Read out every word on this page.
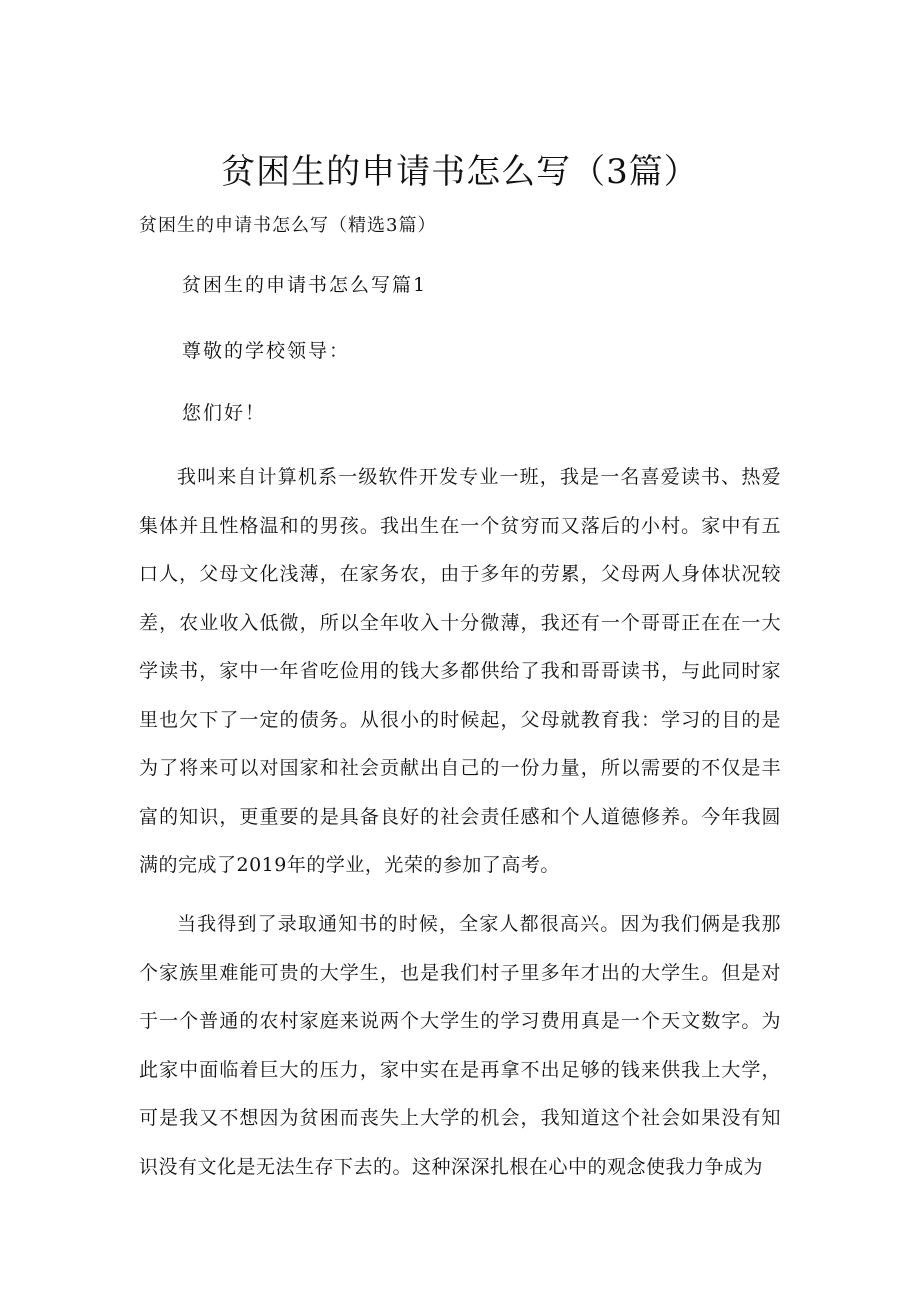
贫困生的申请书怎么写（3篇）
贫困生的申请书怎么写（精选3篇）
贫困生的申请书怎么写篇1
尊敬的学校领导：
您们好！

我叫来自计算机系一级软件开发专业一班，我是一名喜爱读书、热爱集体并且性格温和的男孩。我出生在一个贫穷而又落后的小村。家中有五口人，父母文化浅薄，在家务农，由于多年的劳累，父母两人身体状况较差，农业收入低微，所以全年收入十分微薄，我还有一个哥哥正在在一大学读书，家中一年省吃俭用的钱大多都供给了我和哥哥读书，与此同时家里也欠下了一定的债务。从很小的时候起，父母就教育我：学习的目的是为了将来可以对国家和社会贡献出自己的一份力量，所以需要的不仅是丰富的知识，更重要的是具备良好的社会责任感和个人道德修养。今年我圆满的完成了2019年的学业，光荣的参加了高考。

当我得到了录取通知书的时候，全家人都很高兴。因为我们俩是我那个家族里难能可贵的大学生，也是我们村子里多年才出的大学生。但是对于一个普通的农村家庭来说两个大学生的学习费用真是一个天文数字。为此家中面临着巨大的压力，家中实在是再拿不出足够的钱来供我上大学，可是我又不想因为贫困而丧失上大学的机会，我知道这个社会如果没有知识没有文化是无法生存下去的。这种深深扎根在心中的观念使我力争成为
